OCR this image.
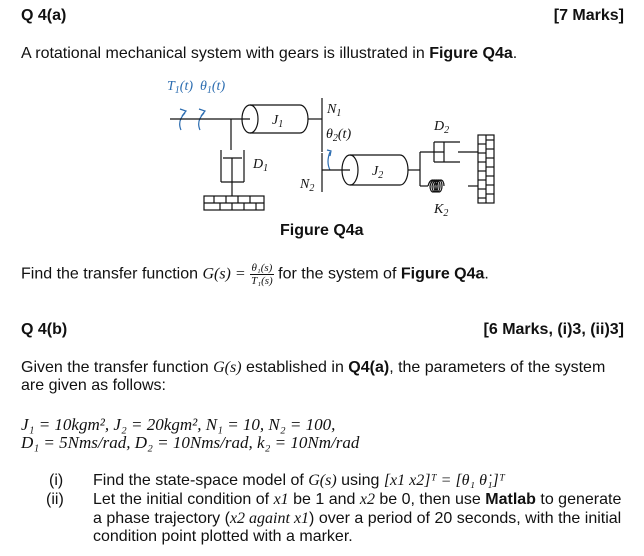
Q 4(a)	[7 Marks]
A rotational mechanical system with gears is illustrated in Figure Q4a.
$T_1(t)$ $\theta_1(t)$
$J_1$
$N_1$
$\theta_2(t)$
$D_1$
$N_2$
$J_2$
$D_2$
$K_2$
Figure Q4a
Find the transfer function $G(s) = \frac{\text{θ₁(s)}}{\text{T₁(s)}}$ for the system of Figure Q4a.
Q 4(b)	[6 Marks, (i)3, (ii)3]
Given the transfer function G(s) established in Q4(a), the parameters of the system
are given as follows:
J₁ = 10kgm², J₂ = 20kgm², N₁ = 10, N₂ = 100,
D₁ = 5Nms/rad, D₂ = 10Nms/rad, k₂ = 10Nm/rad
(i) Find the state-space model of G(s) using [x1 x2]ᵀ = [θ₁ θ̇₁]ᵀ
(ii) Let the initial condition of x1 be 1 and x2 be 0, then use Matlab to generate
a phase trajectory (x2 againt x1) over a period of 20 seconds, with the initial
condition point plotted with a marker.
